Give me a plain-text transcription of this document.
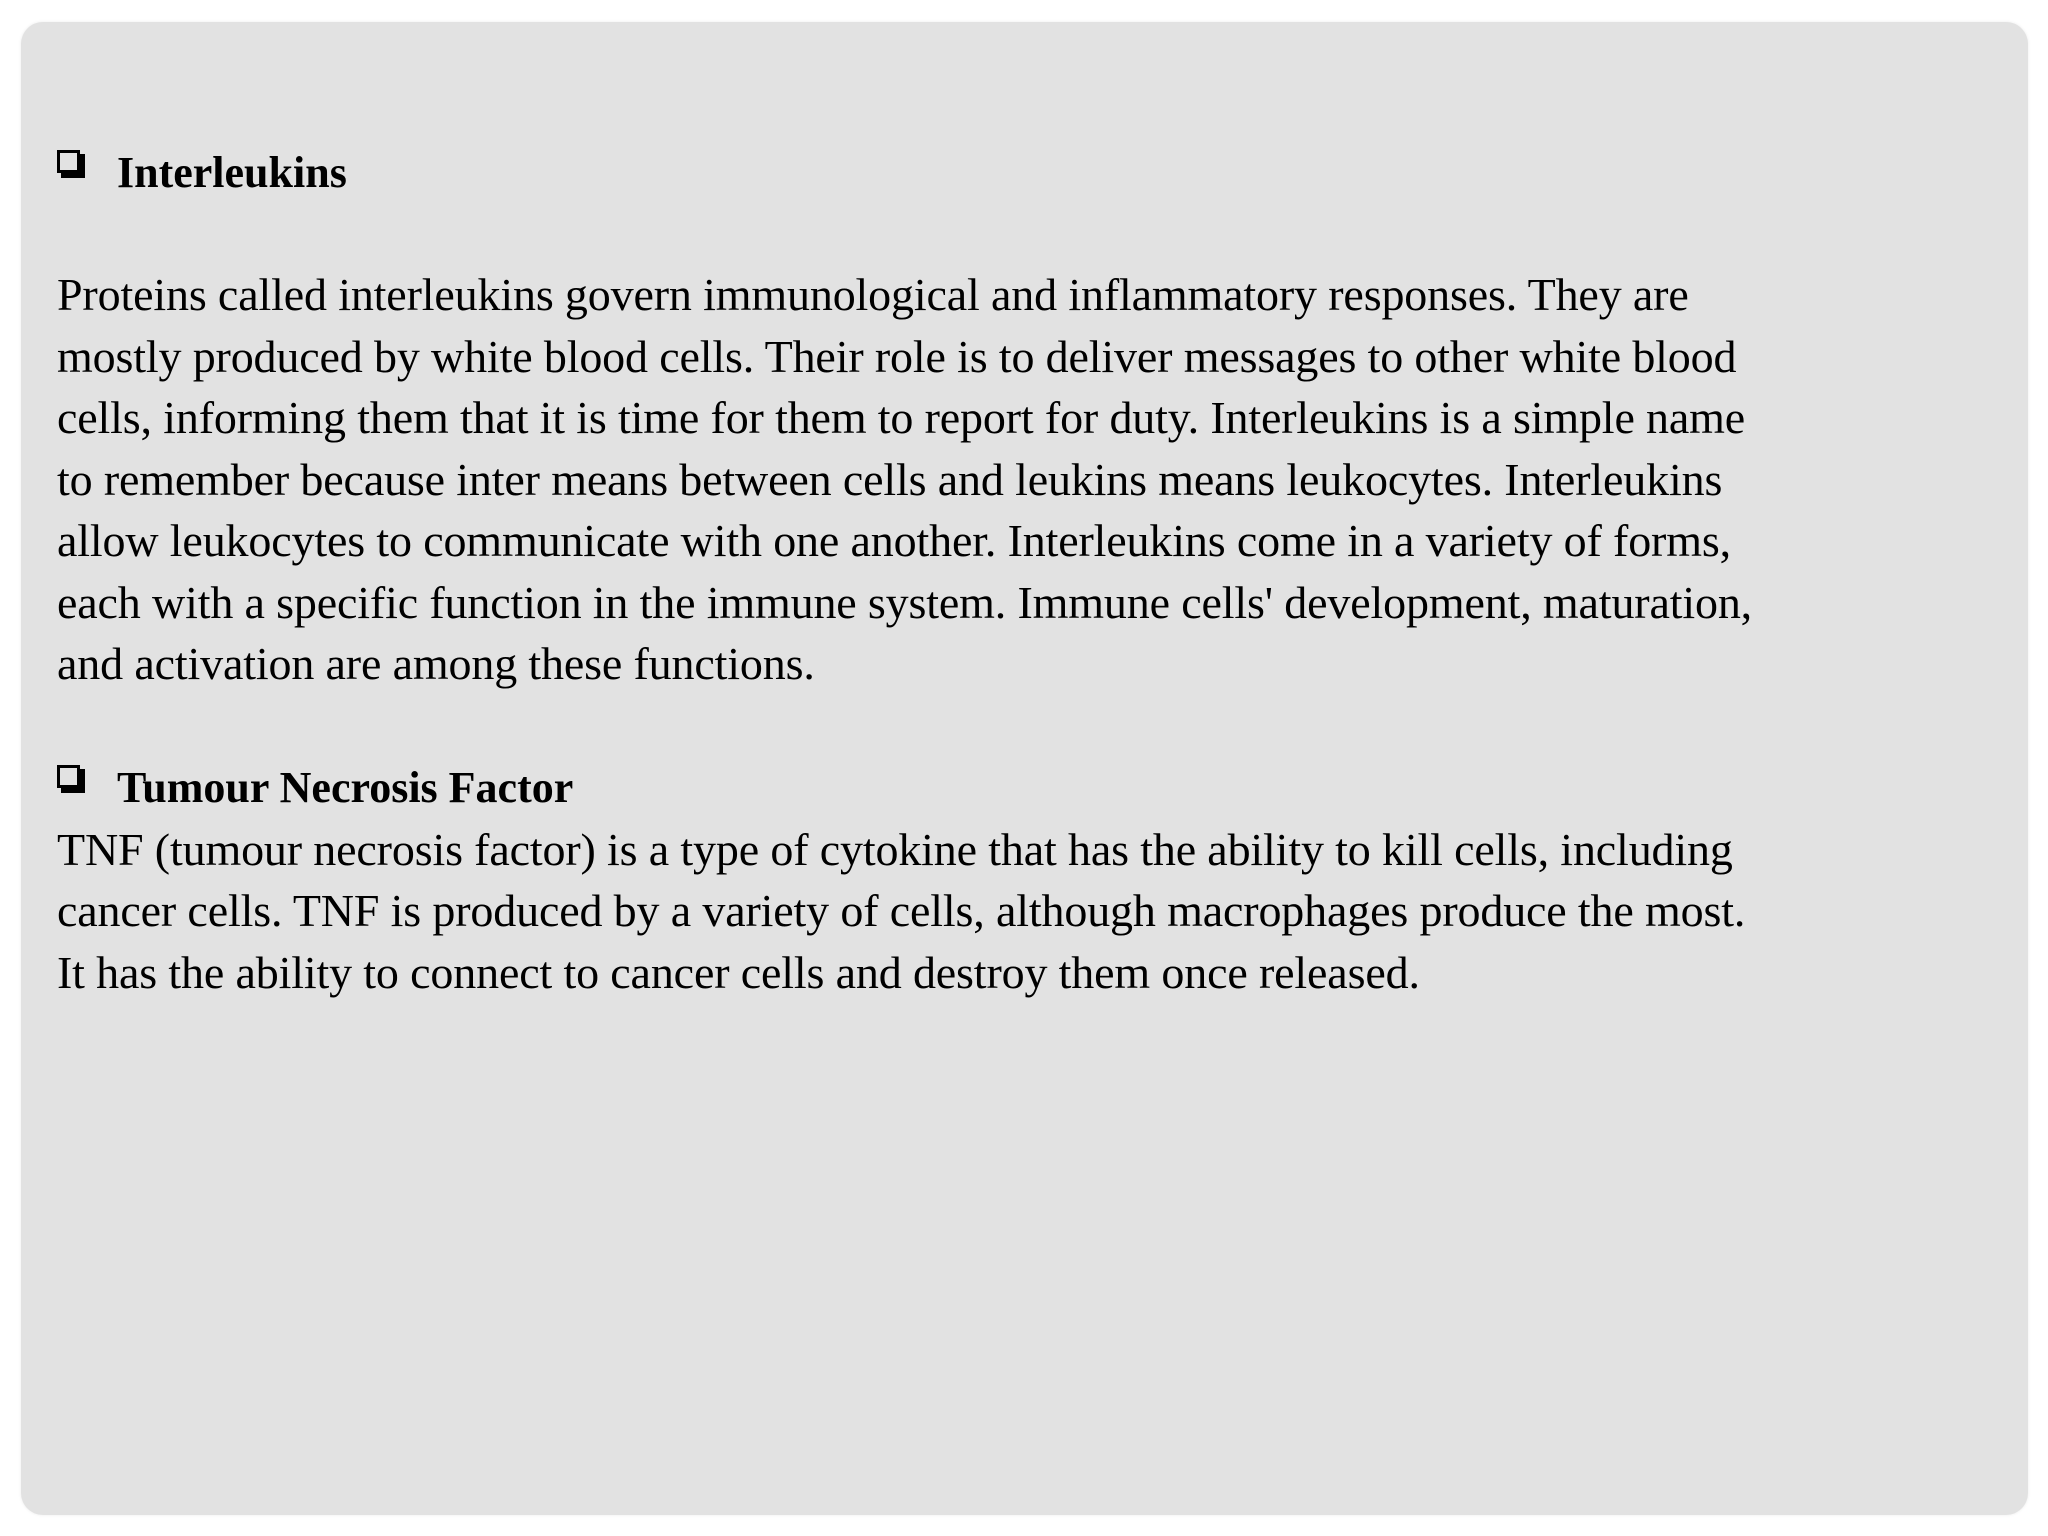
Interleukins
Proteins called interleukins govern immunological and inflammatory responses. They are
mostly produced by white blood cells. Their role is to deliver messages to other white blood
cells, informing them that it is time for them to report for duty. Interleukins is a simple name
to remember because inter means between cells and leukins means leukocytes. Interleukins
allow leukocytes to communicate with one another. Interleukins come in a variety of forms,
each with a specific function in the immune system. Immune cells' development, maturation,
and activation are among these functions.
Tumour Necrosis Factor
TNF (tumour necrosis factor) is a type of cytokine that has the ability to kill cells, including
cancer cells. TNF is produced by a variety of cells, although macrophages produce the most.
It has the ability to connect to cancer cells and destroy them once released.
